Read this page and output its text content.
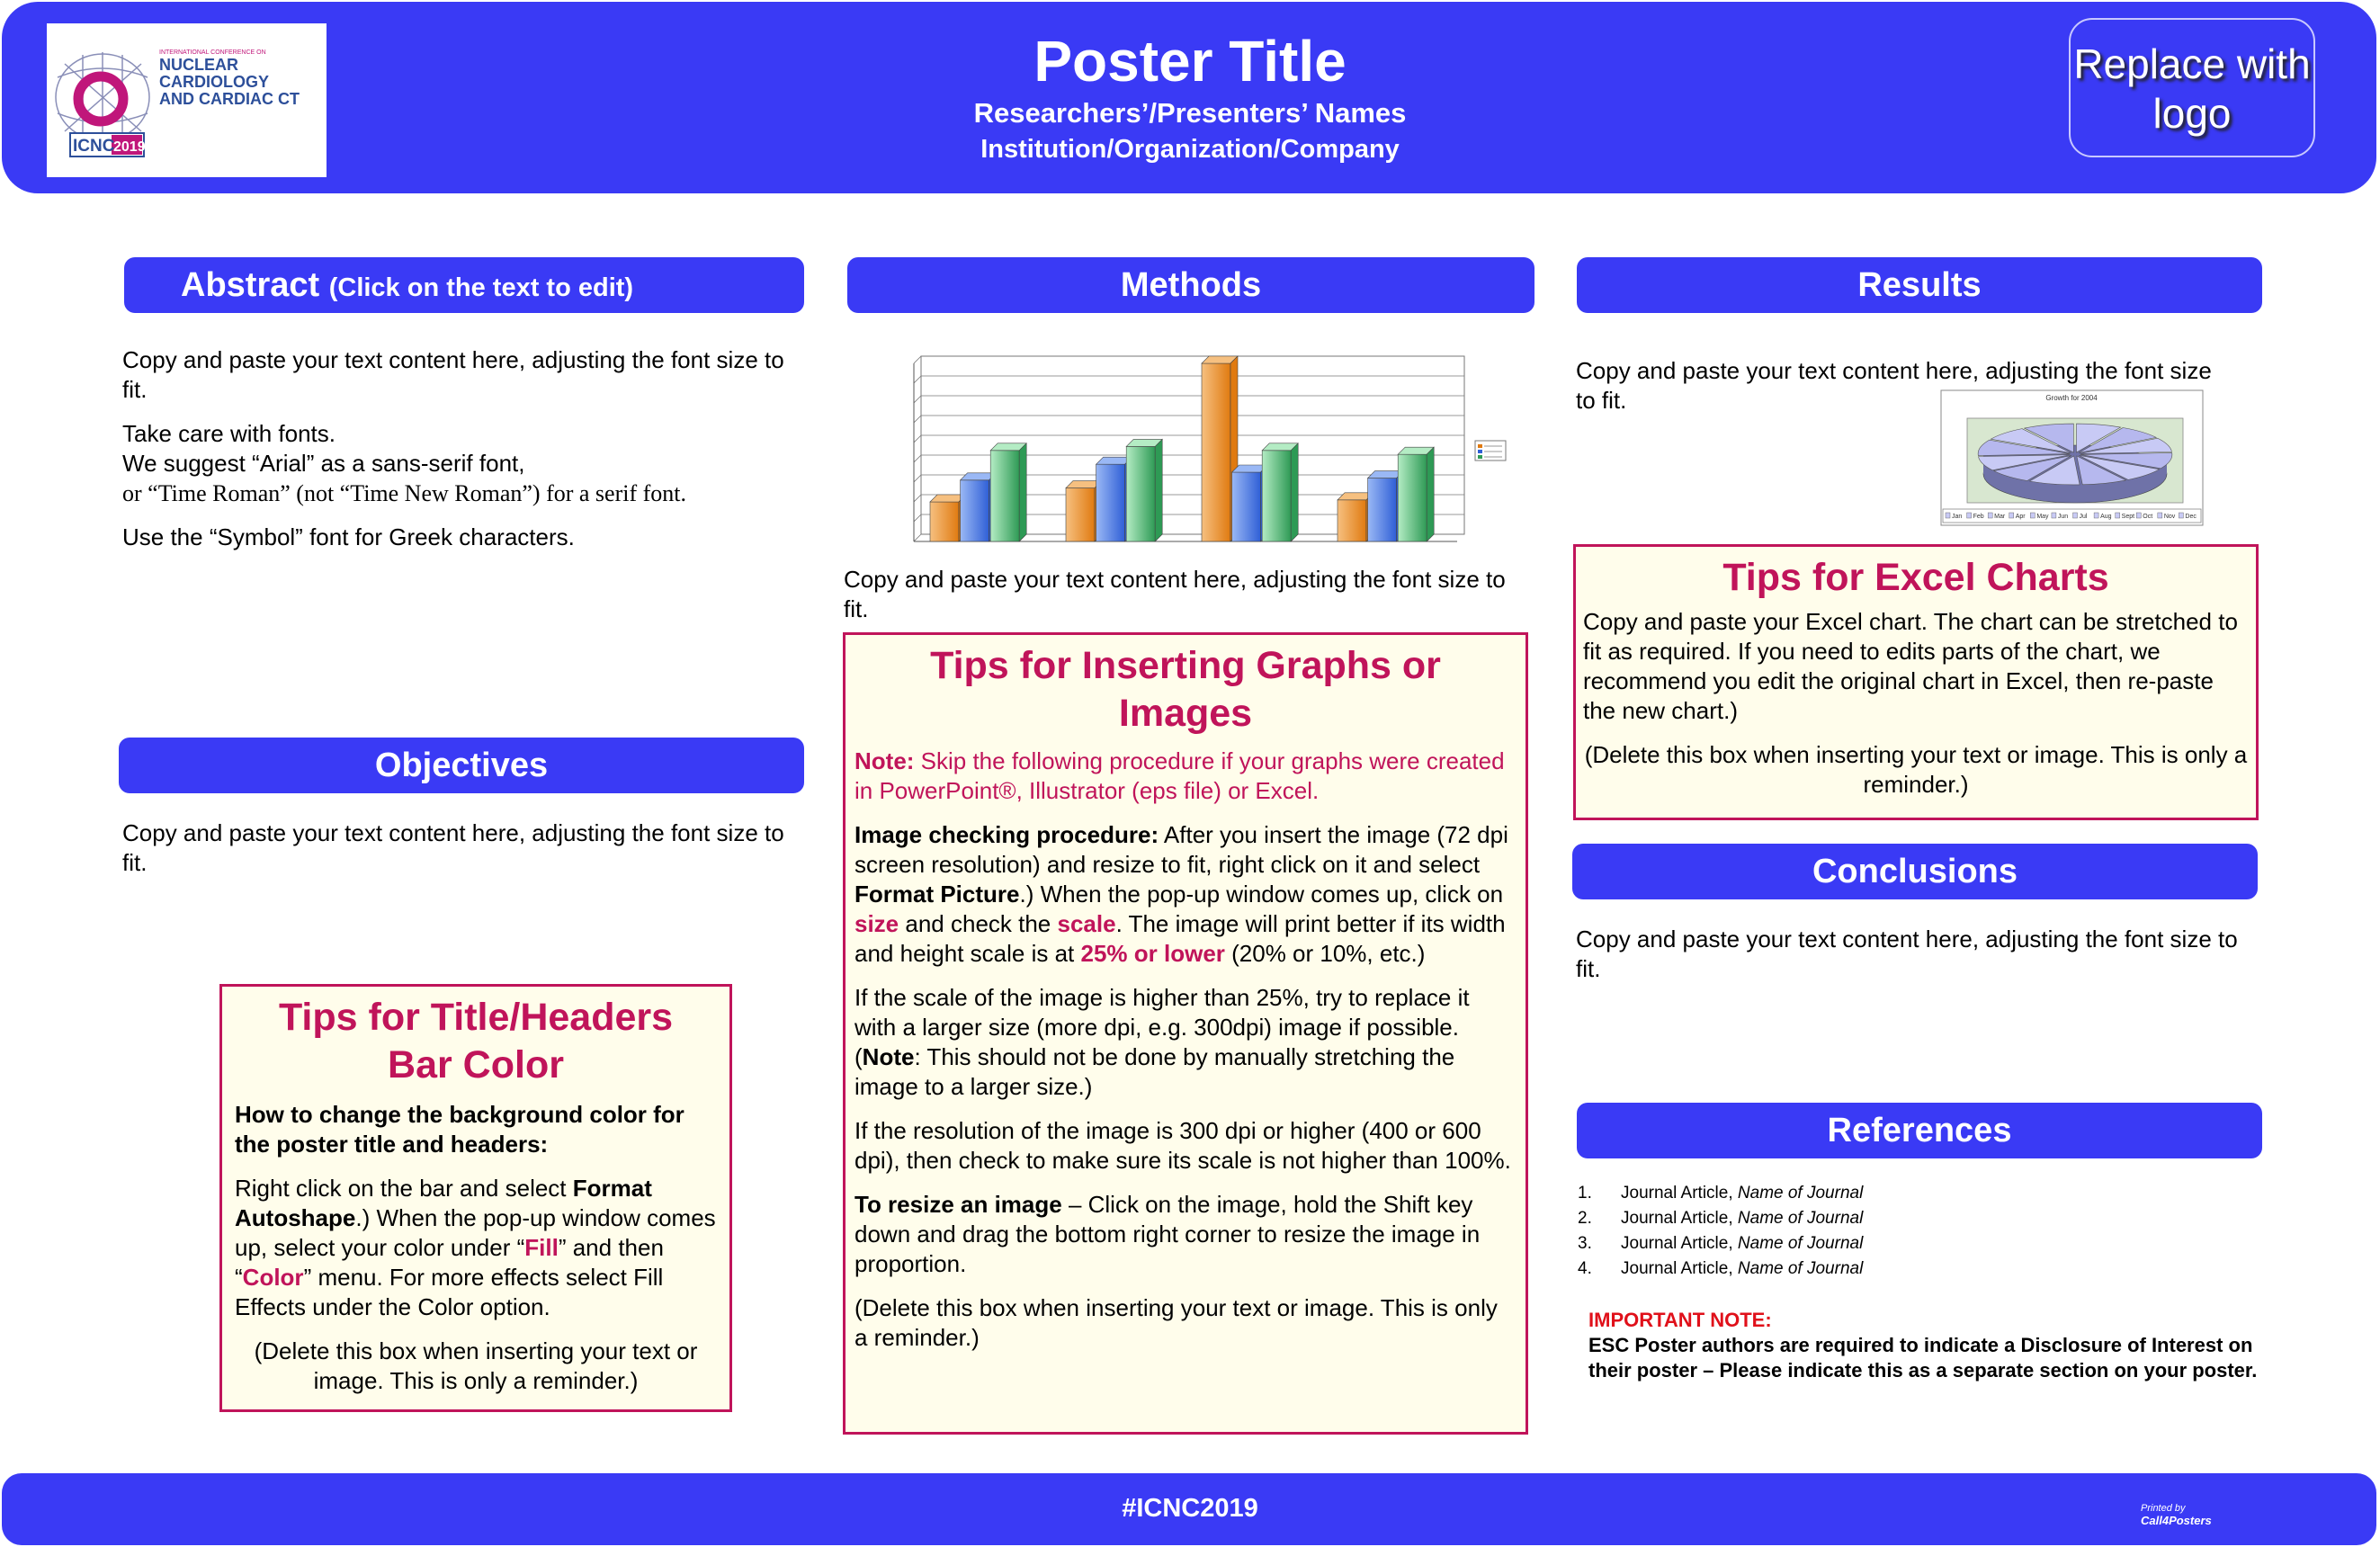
ICNC
2019
INTERNATIONAL CONFERENCE ON
NUCLEAR
CARDIOLOGY
AND CARDIAC CT
Poster Title
Researchers’/Presenters’ Names
Institution/Organization/Company
Replace with logo
Abstract (Click on the text to edit)

Copy and paste your text content here, adjusting the font size to fit.

Take care with fonts.

We suggest “Arial” as a sans-serif font,

or “Time Roman” (not “Time New Roman”) for a serif font.

Use the “Symbol” font for Greek characters.

Objectives
Copy and paste your text content here, adjusting the font size to fit.
Tips for Title/Headers Bar Color

How to change the background color for the poster title and headers:

Right click on the bar and select Format Autoshape.) When the pop-up window comes up, select your color under “Fill” and then “Color” menu. For more effects select Fill Effects under the Color option.

(Delete this box when inserting your text or image. This is only a reminder.)

Methods
Copy and paste your text content here, adjusting the font size to fit.
Tips for Inserting Graphs or Images

Note: Skip the following procedure if your graphs were created in PowerPoint®, Illustrator (eps file) or Excel.

Image checking procedure: After you insert the image (72 dpi screen resolution) and resize to fit, right click on it and select Format Picture.) When the pop-up window comes up, click on size and check the scale. The image will print better if its width and height scale is at 25% or lower (20% or 10%, etc.)

If the scale of the image is higher than 25%, try to replace it with a larger size (more dpi, e.g. 300dpi) image if possible. (Note: This should not be done by manually stretching the image to a larger size.)

If the resolution of the image is 300 dpi or higher (400 or 600 dpi), then check to make sure its scale is not higher than 100%.

To resize an image – Click on the image, hold the Shift key down and drag the bottom right corner to resize the image in proportion.

(Delete this box when inserting your text or image. This is only a reminder.)

Results
Copy and paste your text content here, adjusting the font size to fit.	Growth for 2004
Jan Feb Mar Apr May Jun Jul Aug Sept Oct Nov Dec
Tips for Excel Charts

Copy and paste your Excel chart. The chart can be stretched to fit as required. If you need to edits parts of the chart, we recommend you edit the original chart in Excel, then re-paste the new chart.)

(Delete this box when inserting your text or image. This is only a reminder.)

Conclusions
Copy and paste your text content here, adjusting the font size to fit.
References
1. Journal Article, Name of Journal
2. Journal Article, Name of Journal
3. Journal Article, Name of Journal
4. Journal Article, Name of Journal

IMPORTANT NOTE:

ESC Poster authors are required to indicate a Disclosure of Interest on their poster – Please indicate this as a separate section on your poster.

#ICNC2019	Printed by Call4Posters
